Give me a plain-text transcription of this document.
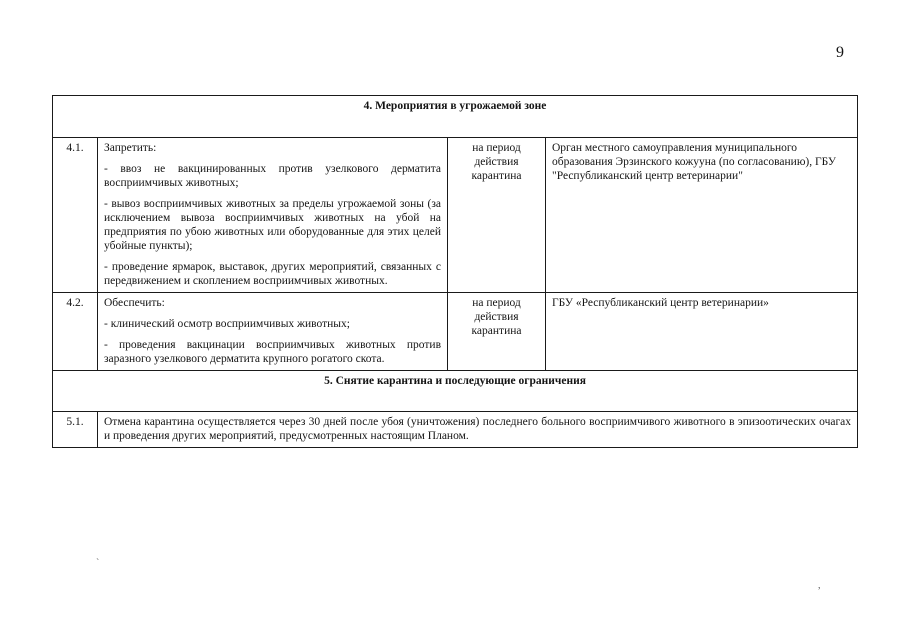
9
4. Мероприятия в угрожаемой зоне			
4.1.	Запретить:

- ввоз не вакцинированных против узелкового дерматита восприимчивых животных;

- вывоз восприимчивых животных за пределы угрожаемой зоны (за исключением вывоза восприимчивых животных на убой на предприятия по убою животных или оборудованные для этих целей убойные пункты);

- проведение ярмарок, выставок, других мероприятий, связанных с передвижением и скоплением восприимчивых животных.	на период действия карантина	Орган местного самоуправления муниципального образования Эрзинского кожууна (по согласованию), ГБУ "Республиканский центр ветеринарии"
4.2.	Обеспечить:

- клинический осмотр восприимчивых животных;

- проведения вакцинации восприимчивых животных против заразного узелкового дерматита крупного рогатого скота.	на период действия карантина	ГБУ «Республиканский центр ветеринарии»
5. Снятие карантина и последующие ограничения			
5.1.	Отмена карантина осуществляется через 30 дней после убоя (уничтожения) последнего больного восприимчивого животного в эпизоотических очагах и проведения других мероприятий, предусмотренных настоящим Планом.		
`
,
